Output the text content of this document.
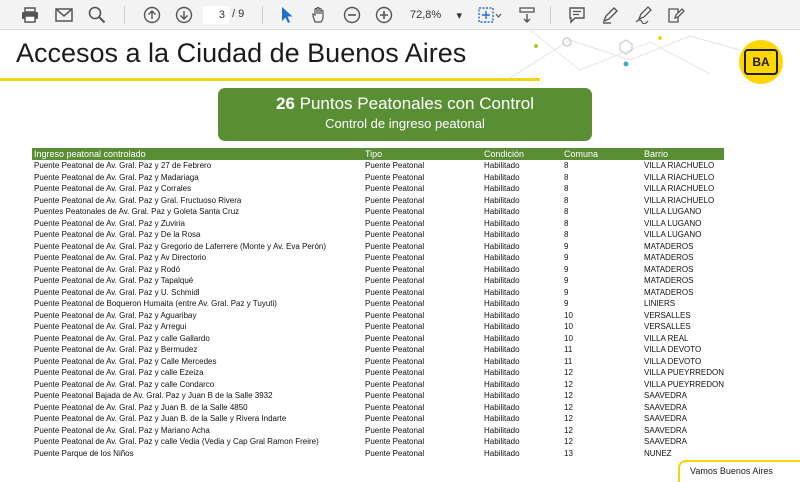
3
/ 9	72,8% ▾
Accesos a la Ciudad de Buenos Aires	BA
26 Puntos Peatonales con Control
Control de ingreso peatonal
Ingreso peatonal controlado	Tipo	Condición	Comuna	Barrio
Puente Peatonal de Av. Gral. Paz y 27 de Febrero	Puente Peatonal	Habilitado	8	VILLA RIACHUELO
Puente Peatonal de Av. Gral. Paz y Madariaga	Puente Peatonal	Habilitado	8	VILLA RIACHUELO
Puente Peatonal de Av. Gral. Paz y Corrales	Puente Peatonal	Habilitado	8	VILLA RIACHUELO
Puente Peatonal de Av. Gral. Paz y Gral. Fructuoso Rivera	Puente Peatonal	Habilitado	8	VILLA RIACHUELO
Puentes Peatonales de Av. Gral. Paz y Goleta Santa Cruz	Puente Peatonal	Habilitado	8	VILLA LUGANO
Puente Peatonal de Av. Gral. Paz y Zuviria	Puente Peatonal	Habilitado	8	VILLA LUGANO
Puente Peatonal de Av. Gral. Paz y De la Rosa	Puente Peatonal	Habilitado	8	VILLA LUGANO
Puente Peatonal de Av. Gral. Paz y Gregorio de Laferrere (Monte y Av. Eva Perón)	Puente Peatonal	Habilitado	9	MATADEROS
Puente Peatonal de Av. Gral. Paz y Av Directorio	Puente Peatonal	Habilitado	9	MATADEROS
Puente Peatonal de Av. Gral. Paz y Rodó	Puente Peatonal	Habilitado	9	MATADEROS
Puente Peatonal de Av. Gral. Paz y Tapalqué	Puente Peatonal	Habilitado	9	MATADEROS
Puente Peatonal de Av. Gral. Paz y U. Schmidl	Puente Peatonal	Habilitado	9	MATADEROS
Puente Peatonal de Boqueron Humaita (entre Av. Gral. Paz y Tuyuti)	Puente Peatonal	Habilitado	9	LINIERS
Puente Peatonal de Av. Gral. Paz y Aguaribay	Puente Peatonal	Habilitado	10	VERSALLES
Puente Peatonal de Av. Gral. Paz y Arregui	Puente Peatonal	Habilitado	10	VERSALLES
Puente Peatonal de Av. Gral. Paz y calle Gallardo	Puente Peatonal	Habilitado	10	VILLA REAL
Puente Peatonal de Av. Gral. Paz y Bermudez	Puente Peatonal	Habilitado	11	VILLA DEVOTO
Puente Peatonal de Av. Gral. Paz y Calle Mercedes	Puente Peatonal	Habilitado	11	VILLA DEVOTO
Puente Peatonal de Av. Gral. Paz y calle Ezeiza	Puente Peatonal	Habilitado	12	VILLA PUEYRREDON
Puente Peatonal de Av. Gral. Paz y calle Condarco	Puente Peatonal	Habilitado	12	VILLA PUEYRREDON
Puente Peatonal Bajada de Av. Gral. Paz y Juan B de la Salle 3932	Puente Peatonal	Habilitado	12	SAAVEDRA
Puente Peatonal de Av. Gral. Paz y Juan B. de la Salle 4850	Puente Peatonal	Habilitado	12	SAAVEDRA
Puente Peatonal de Av. Gral. Paz y Juan B. de la Salle y Rivera Indarte	Puente Peatonal	Habilitado	12	SAAVEDRA
Puente Peatonal de Av. Gral. Paz y Mariano Acha	Puente Peatonal	Habilitado	12	SAAVEDRA
Puente Peatonal de Av. Gral. Paz y calle Vedia (Vedia y Cap Gral Ramon Freire)	Puente Peatonal	Habilitado	12	SAAVEDRA
Puente Parque de los Niños	Puente Peatonal	Habilitado	13	NUNEZ
Vamos Buenos Aires
